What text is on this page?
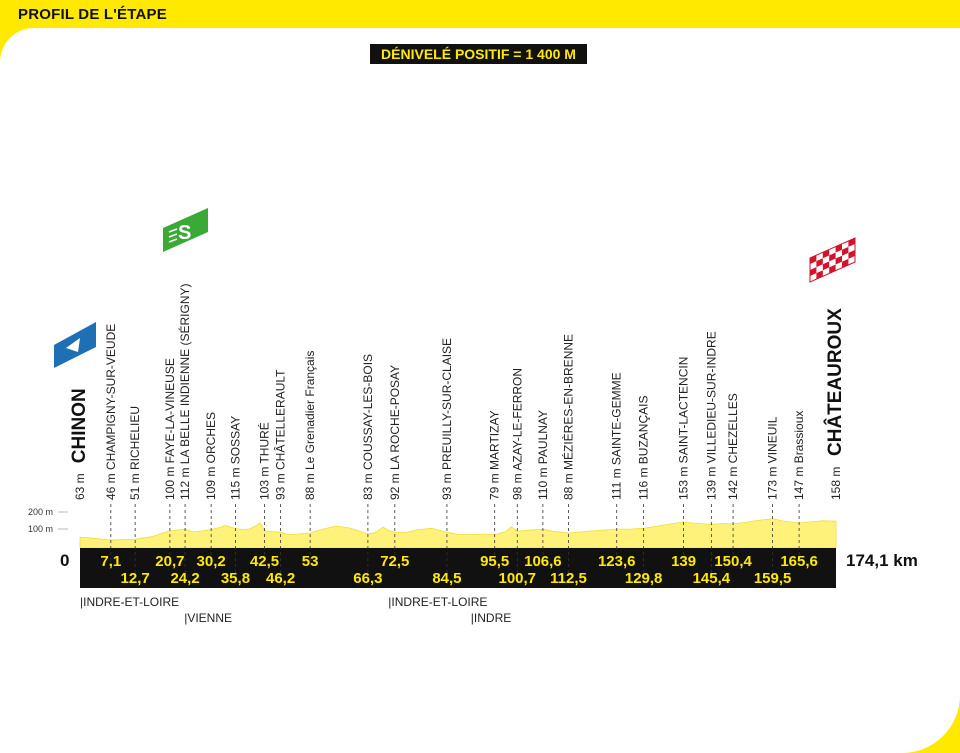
PROFIL DE L'ÉTAPE
DÉNIVELÉ POSITIF = 1 400 M
63 m
CHINON 46 m CHAMPIGNY-SUR-VEUDE 51 m RICHELIEU 100 m FAYE-LA-VINEUSE 112 m LA BELLE INDIENNE (SÉRIGNY) 109 m ORCHES 115 m SOSSAY 103 m THURÉ 93 m CHÂTELLERAULT 88 m Le Grenadier Français	83 m COUSSAY-LES-BOIS 92 m LA ROCHE-POSAY	93 m PREUILLY-SUR-CLAISE	79 m MARTIZAY 98 m AZAY-LE-FERRON 110 m PAULNAY 88 m MÉZIÈRES-EN-BRENNE	111 m SAINTE-GEMME 116 m BUZANÇAIS 153 m SAINT-LACTENCIN 139 m VILLEDIEU-SUR-INDRE 142 m CHEZELLES 173 m VINEUIL 147 m Brassioux 158 m
CHÂTEAUROUX
7,1
12,7
20,7
24,2
30,2
35,8
42,5
46,2
53
66,3
72,5
84,5
95,5
100,7
106,6
112,5
123,6
129,8
139
145,4
150,4
159,5
165,6
200 m
100 m
|INDRE-ET-LOIRE
|VIENNE
|INDRE-ET-LOIRE
|INDRE
0	174,1 km
S
